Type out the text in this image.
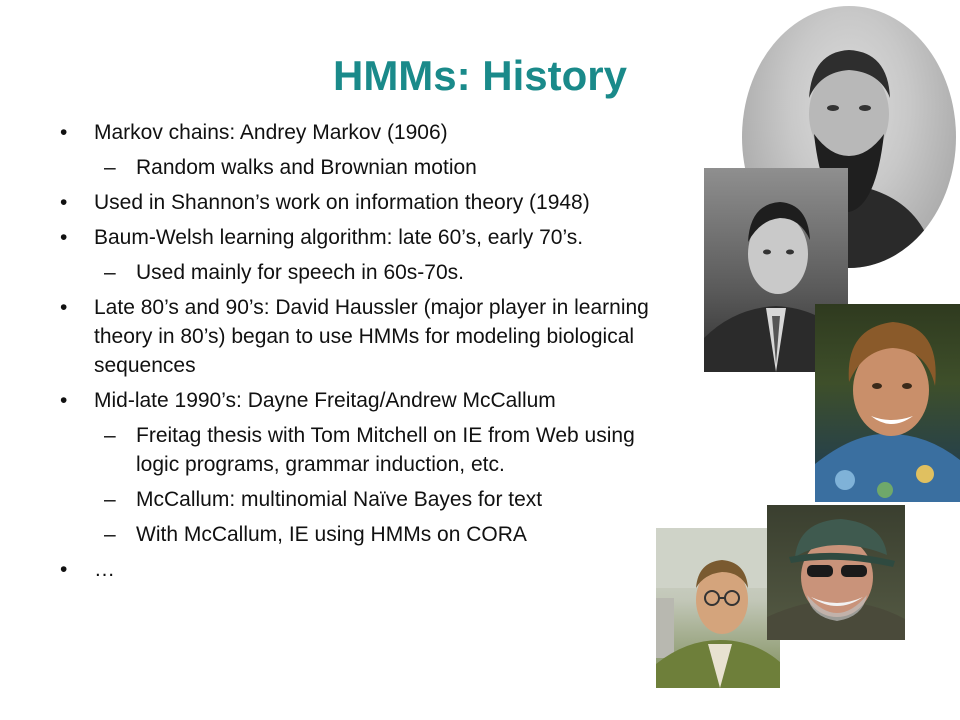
HMMs: History
• Markov chains: Andrey Markov (1906)
– Random walks and Brownian motion
• Used in Shannon’s work on information theory (1948)
• Baum-Welsh learning algorithm: late 60’s, early 70’s.
– Used mainly for speech in 60s-70s.
• Late 80’s and 90’s: David Haussler (major player in learning theory in 80’s) began to use HMMs for modeling biological sequences
• Mid-late 1990’s: Dayne Freitag/Andrew McCallum
– Freitag thesis with Tom Mitchell on IE from Web using logic programs, grammar induction, etc.
– McCallum: multinomial Naïve Bayes for text
– With McCallum, IE using HMMs on CORA
• …
